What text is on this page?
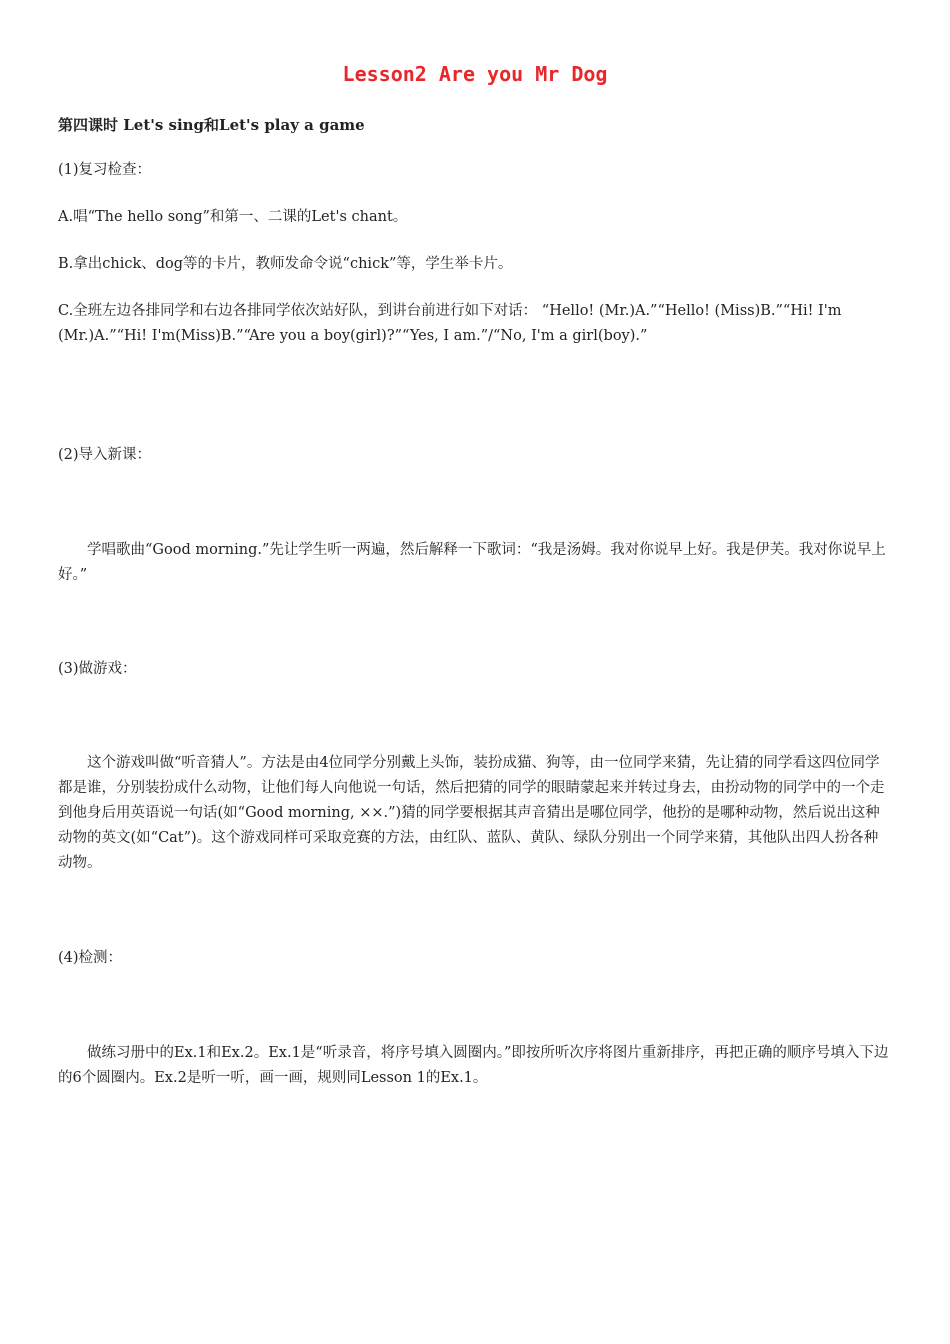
Lesson2 Are you Mr Dog
第四课时 Let's sing和Let's play a game
(1)复习检查：
A.唱“The hello song”和第一、二课的Let's chant。
B.拿出chick、dog等的卡片，教师发命令说“chick”等，学生举卡片。
C.全班左边各排同学和右边各排同学依次站好队，到讲台前进行如下对话： “Hello! (Mr.)A.”“Hello! (Miss)B.”“Hi! I'm (Mr.)A.”“Hi! I'm(Miss)B.”“Are you a boy(girl)?”“Yes, I am.”/“No, I'm a girl(boy).”
(2)导入新课：
学唱歌曲“Good morning.”先让学生听一两遍，然后解释一下歌词：“我是汤姆。我对你说早上好。我是伊芙。我对你说早上好。”
(3)做游戏：
这个游戏叫做“听音猜人”。方法是由4位同学分别戴上头饰，装扮成猫、狗等，由一位同学来猜，先让猜的同学看这四位同学都是谁，分别装扮成什么动物，让他们每人向他说一句话，然后把猜的同学的眼睛蒙起来并转过身去，由扮动物的同学中的一个走到他身后用英语说一句话(如“Good morning, ××.”)猜的同学要根据其声音猜出是哪位同学，他扮的是哪种动物，然后说出这种动物的英文(如“Cat”)。这个游戏同样可采取竞赛的方法，由红队、蓝队、黄队、绿队分别出一个同学来猜，其他队出四人扮各种动物。
(4)检测：
做练习册中的Ex.1和Ex.2。Ex.1是“听录音，将序号填入圆圈内。”即按所听次序将图片重新排序，再把正确的顺序号填入下边的6个圆圈内。Ex.2是听一听，画一画，规则同Lesson 1的Ex.1。
